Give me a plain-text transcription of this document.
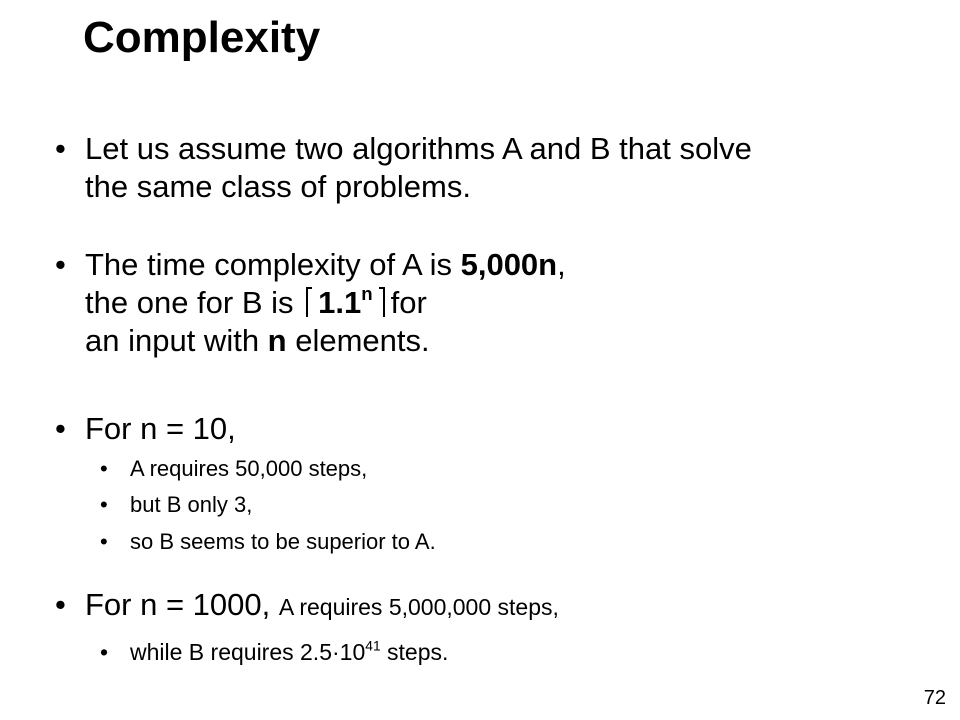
Complexity
• Let us assume two algorithms A and B that solve
the same class of problems.
• The time complexity of A is 5,000n,
the one for B is 1.1$^n$ for
an input with n elements.
• For n = 10,
• A requires 50,000 steps,
• but B only 3,
• so B seems to be superior to A.
• For n = 1000, A requires 5,000,000 steps,
• while B requires $2.5\cdot 10^{41}$ steps.
72
